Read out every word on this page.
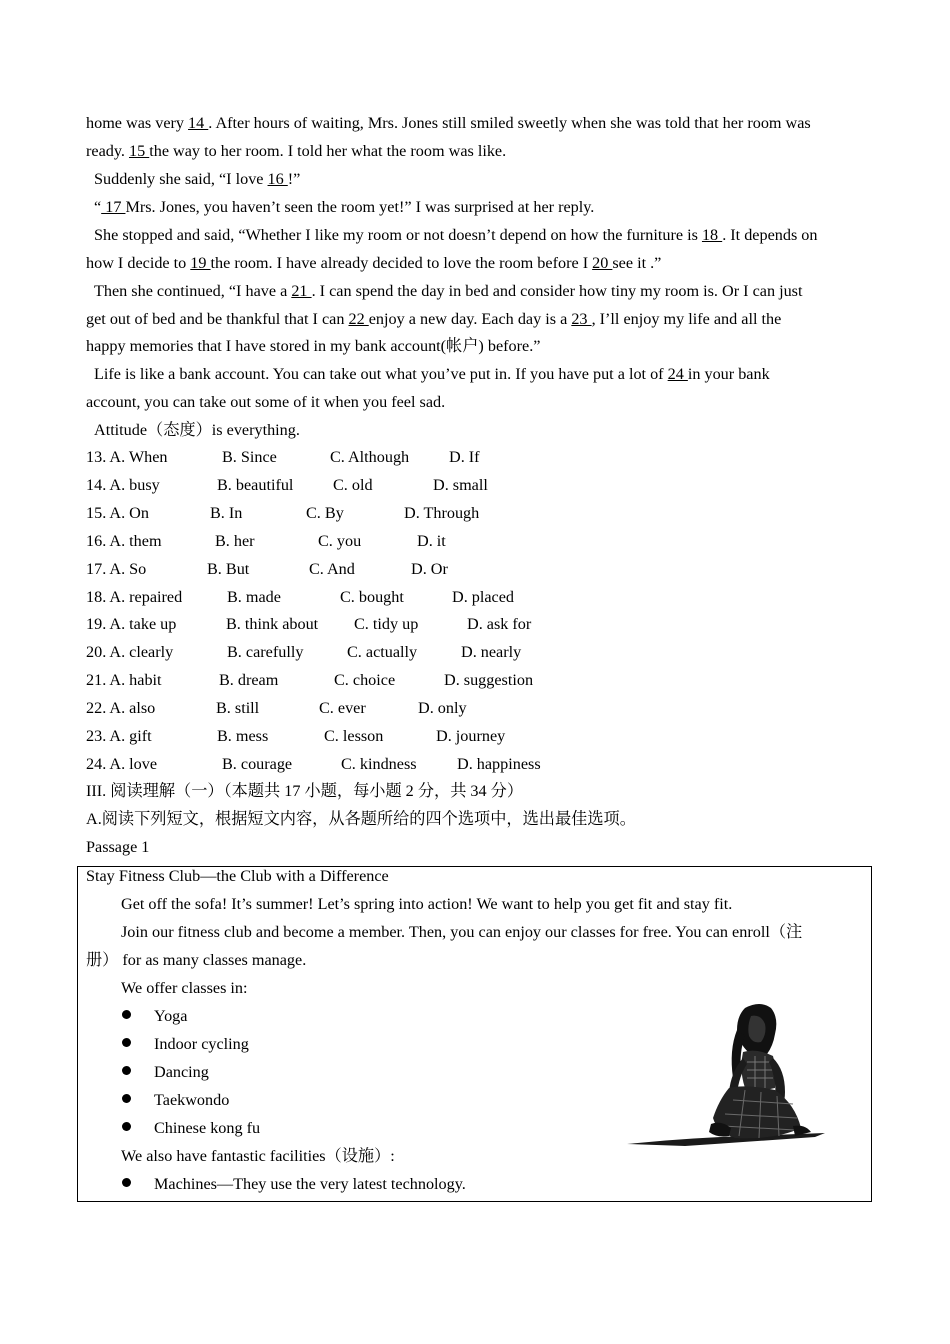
home was very 14 . After hours of waiting, Mrs. Jones still smiled sweetly when she was told that her room was
ready. 15 the way to her room. I told her what the room was like.
Suddenly she said, “I love 16 !”
“ 17 Mrs. Jones, you haven’t seen the room yet!” I was surprised at her reply.
She stopped and said, “Whether I like my room or not doesn’t depend on how the furniture is 18 . It depends on
how I decide to 19 the room. I have already decided to love the room before I 20 see it .”
Then she continued, “I have a 21 . I can spend the day in bed and consider how tiny my room is. Or I can just
get out of bed and be thankful that I can 22 enjoy a new day. Each day is a 23 , I’ll enjoy my life and all the
happy memories that I have stored in my bank account(帐户) before.”
Life is like a bank account. You can take out what you’ve put in. If you have put a lot of 24 in your bank
account, you can take out some of it when you feel sad.
Attitude（态度）is everything.
13. A. When	B. Since	C. Although D. If
14. A. busy	B. beautiful C. old	D. small
15. A. On	B. In	C. By	D. Through
16. A. them	B. her	C. you	D. it
17. A. So	B. But	C. And	D. Or
18. A. repaired	B. made	C. bought	D. placed
19. A. take up	B. think about C. tidy up	D. ask for
20. A. clearly	B. carefully	C. actually	D. nearly
21. A. habit	B. dream	C. choice	D. suggestion
22. A. also	B. still	C. ever	D. only
23. A. gift	B. mess	C. lesson	D. journey
24. A. love	B. courage	C. kindness D. happiness
III. 阅读理解（一）（本题共 17 小题，每小题 2 分，共 34 分）
A.阅读下列短文，根据短文内容，从各题所给的四个选项中，选出最佳选项。
Passage 1
Stay Fitness Club—the Club with a Difference
Get off the sofa! It’s summer! Let’s spring into action! We want to help you get fit and stay fit.
Join our fitness club and become a member. Then, you can enjoy our classes for free. You can enroll（注
册） for as many classes manage.
We offer classes in:
Yoga
Indoor cycling
Dancing
Taekwondo
Chinese kong fu
We also have fantastic facilities（设施）:
Machines—They use the very latest technology.
